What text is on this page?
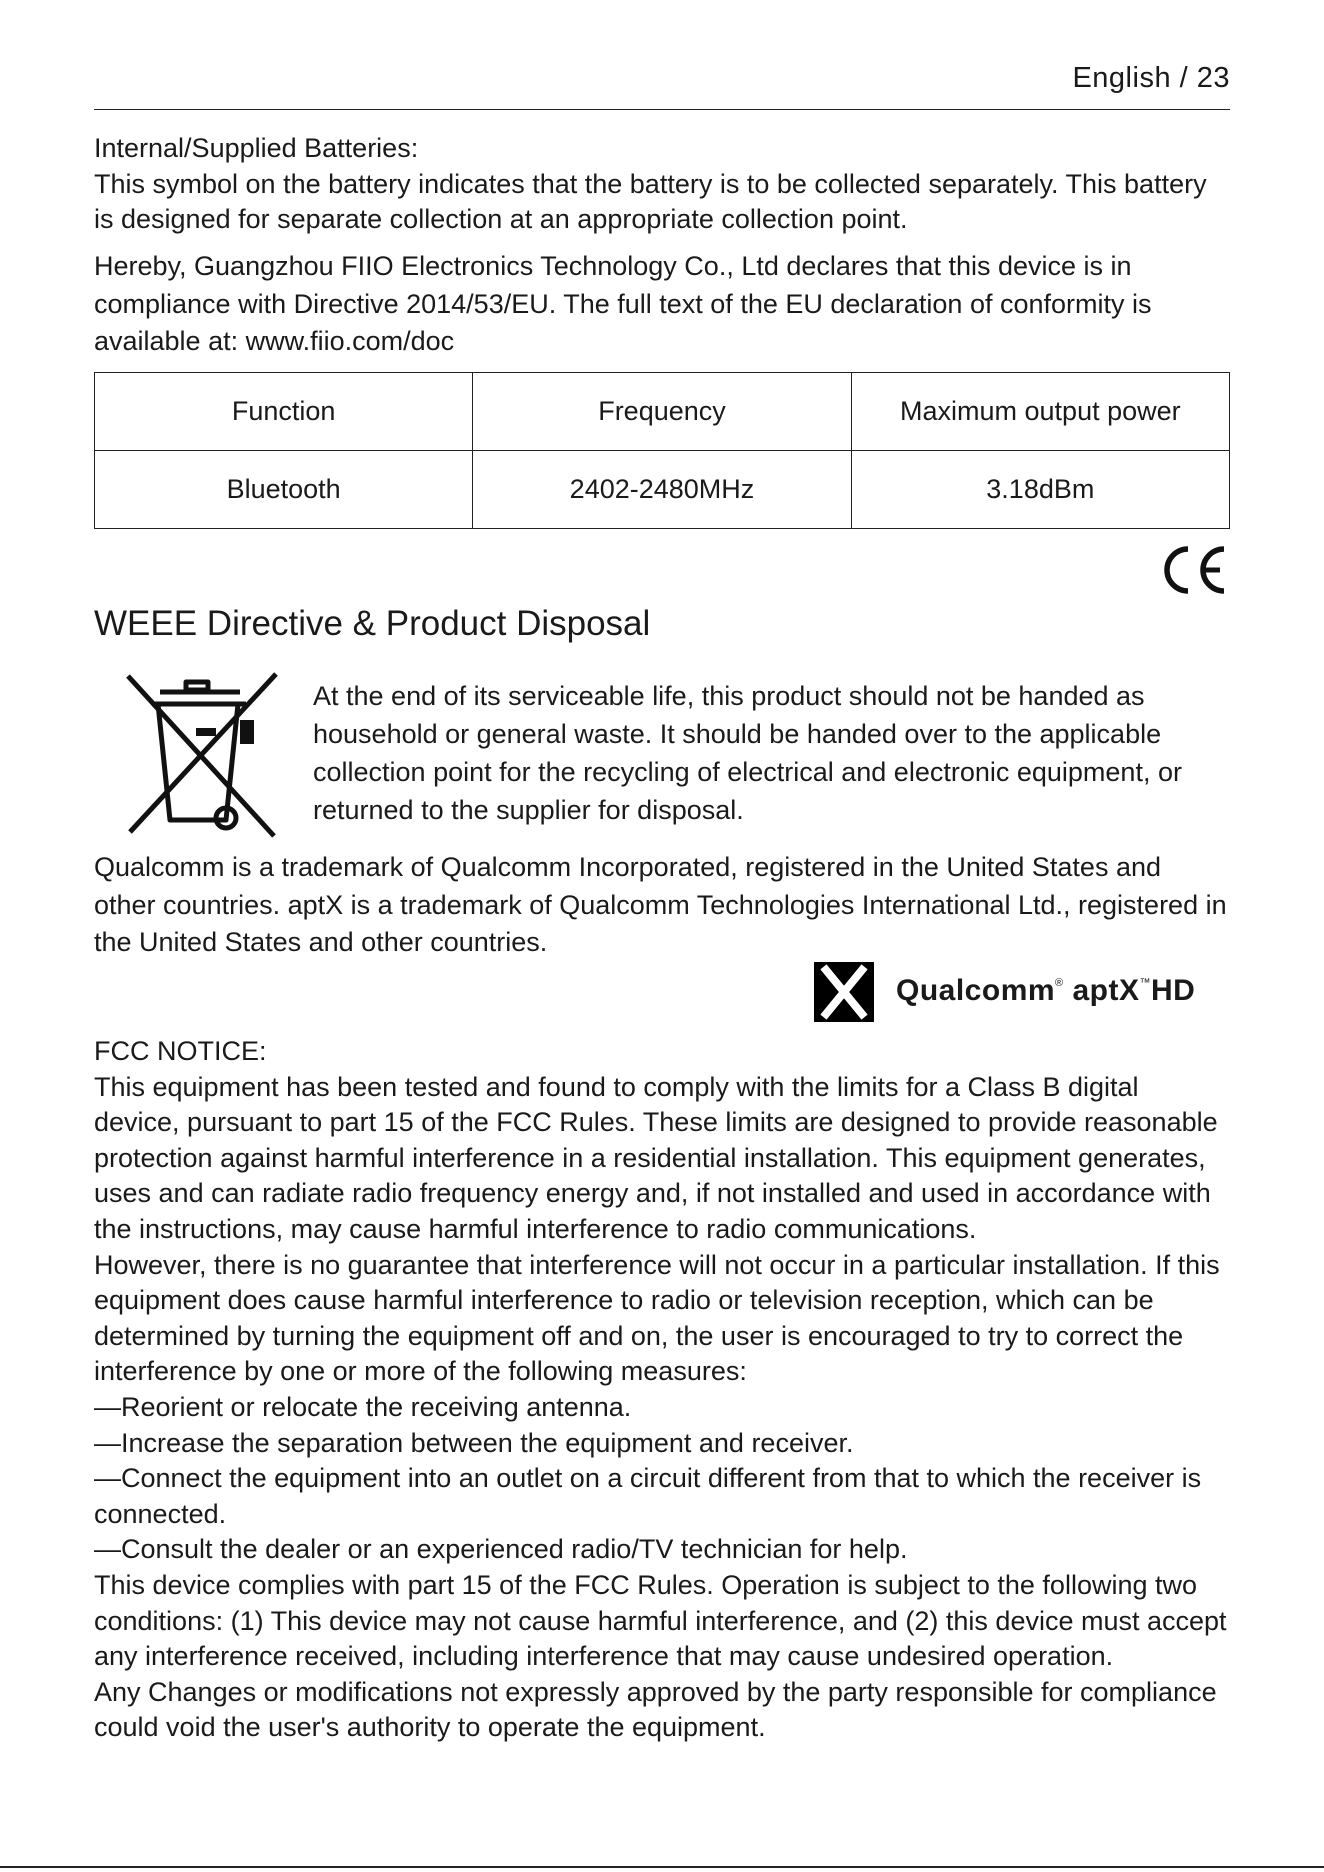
English / 23

Internal/Supplied Batteries:

This symbol on the battery indicates that the battery is to be collected separately. This battery is designed for separate collection at an appropriate collection point.

Hereby, Guangzhou FIIO Electronics Technology Co., Ltd declares that this device is in compliance with Directive 2014/53/EU. The full text of the EU declaration of conformity is available at: www.fiio.com/doc

Function	Frequency	Maximum output power
Bluetooth	2402-2480MHz	3.18dBm
WEEE Directive & Product Disposal

At the end of its serviceable life, this product should not be handed as household or general waste. It should be handed over to the applicable collection point for the recycling of electrical and electronic equipment, or returned to the supplier for disposal.

Qualcomm is a trademark of Qualcomm Incorporated, registered in the United States and other countries. aptX is a trademark of Qualcomm Technologies International Ltd., registered in the United States and other countries.

Qualcomm® aptX™HD

FCC NOTICE:

This equipment has been tested and found to comply with the limits for a Class B digital device, pursuant to part 15 of the FCC Rules. These limits are designed to provide reasonable protection against harmful interference in a residential installation. This equipment generates, uses and can radiate radio frequency energy and, if not installed and used in accordance with the instructions, may cause harmful interference to radio communications.

However, there is no guarantee that interference will not occur in a particular installation. If this equipment does cause harmful interference to radio or television reception, which can be determined by turning the equipment off and on, the user is encouraged to try to correct the interference by one or more of the following measures:

—Reorient or relocate the receiving antenna.

—Increase the separation between the equipment and receiver.

—Connect the equipment into an outlet on a circuit different from that to which the receiver is connected.

—Consult the dealer or an experienced radio/TV technician for help.

This device complies with part 15 of the FCC Rules. Operation is subject to the following two conditions: (1) This device may not cause harmful interference, and (2) this device must accept any interference received, including interference that may cause undesired operation.

Any Changes or modifications not expressly approved by the party responsible for compliance could void the user's authority to operate the equipment.
